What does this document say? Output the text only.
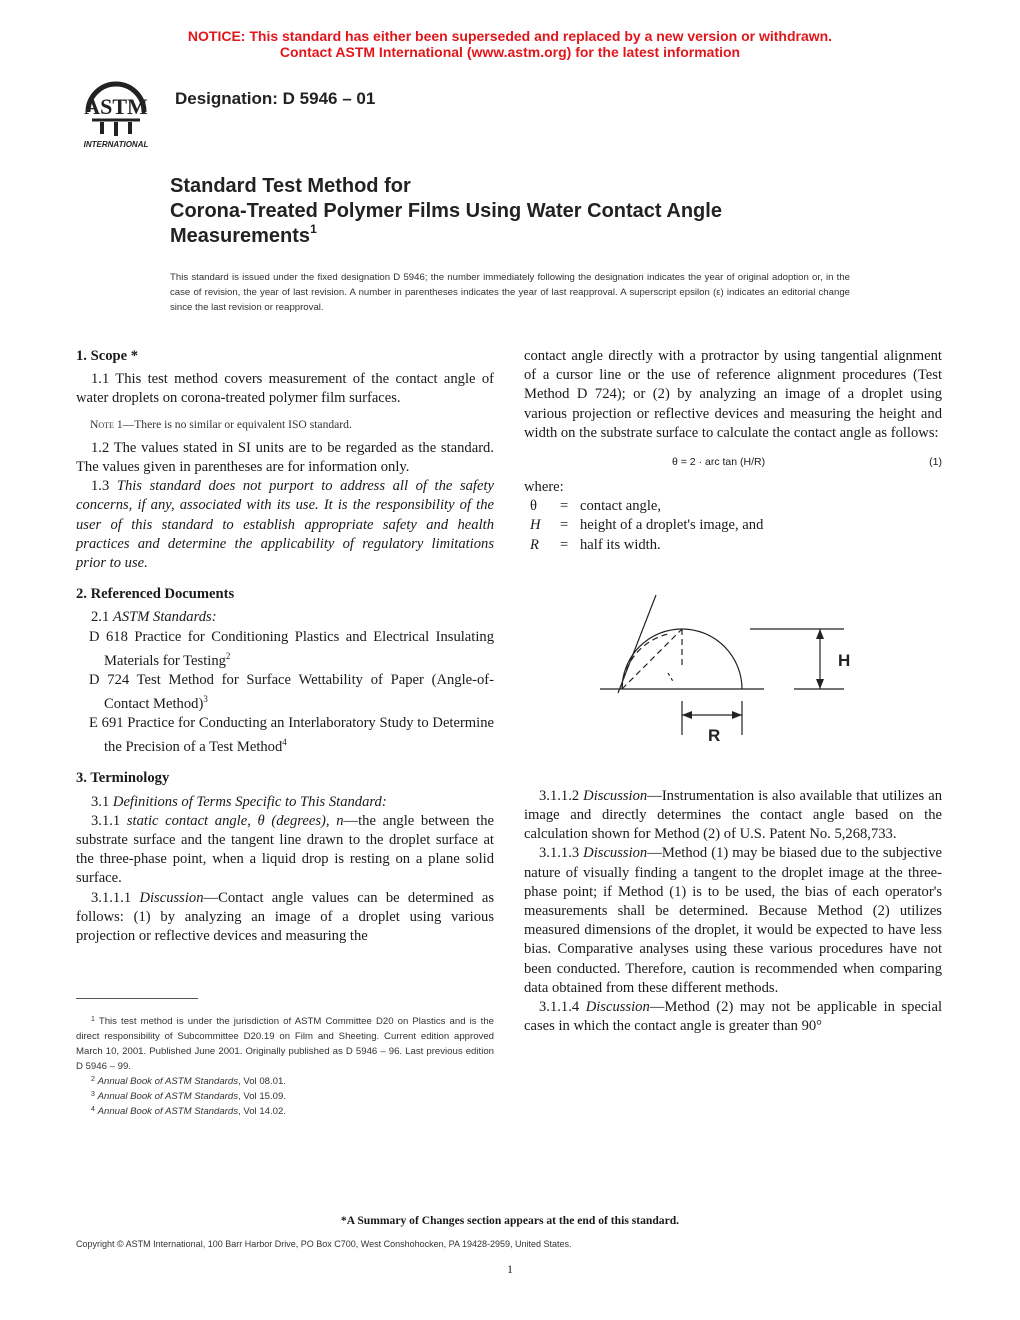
NOTICE: This standard has either been superseded and replaced by a new version or withdrawn.
Contact ASTM International (www.astm.org) for the latest information
ASTM
INTERNATIONAL
Designation: D 5946 – 01
Standard Test Method for
Corona-Treated Polymer Films Using Water Contact Angle
Measurements$^1$
This standard is issued under the fixed designation D 5946; the number immediately following the designation indicates the year of original adoption or, in the case of revision, the year of last revision. A number in parentheses indicates the year of last reapproval. A superscript epsilon (ε) indicates an editorial change since the last revision or reapproval.

1. Scope *

1.1 This test method covers measurement of the contact angle of water droplets on corona-treated polymer film surfaces.

Note 1—There is no similar or equivalent ISO standard.

1.2 The values stated in SI units are to be regarded as the standard. The values given in parentheses are for information only.

1.3 This standard does not purport to address all of the safety concerns, if any, associated with its use. It is the responsibility of the user of this standard to establish appropriate safety and health practices and determine the applicability of regulatory limitations prior to use.

2. Referenced Documents

2.1 ASTM Standards:

D 618 Practice for Conditioning Plastics and Electrical Insulating Materials for Testing$^2$

D 724 Test Method for Surface Wettability of Paper (Angle-of-Contact Method)$^3$

E 691 Practice for Conducting an Interlaboratory Study to Determine the Precision of a Test Method$^4$

3. Terminology

3.1 Definitions of Terms Specific to This Standard:

3.1.1 static contact angle, θ (degrees), n—the angle between the substrate surface and the tangent line drawn to the droplet surface at the three-phase point, when a liquid drop is resting on a plane solid surface.

3.1.1.1 Discussion—Contact angle values can be determined as follows: (1) by analyzing an image of a droplet using various projection or reflective devices and measuring the

contact angle directly with a protractor by using tangential alignment of a cursor line or the use of reference alignment procedures (Test Method D 724); or (2) by analyzing an image of a droplet using various projection or reflective devices and measuring the height and width on the substrate surface to calculate the contact angle as follows:

θ = 2 · arc tan (H/R)	(1)

where:

θ	= contact angle,

H	= height of a droplet's image, and

R	= half its width.

H
R

3.1.1.2 Discussion—Instrumentation is also available that utilizes an image and directly determines the contact angle based on the calculation shown for Method (2) of U.S. Patent No. 5,268,733.

3.1.1.3 Discussion—Method (1) may be biased due to the subjective nature of visually finding a tangent to the droplet image at the three-phase point; if Method (1) is to be used, the bias of each operator's measurements shall be determined. Because Method (2) utilizes measured dimensions of the droplet, it would be expected to have less bias. Comparative analyses using these various procedures have not been conducted. Therefore, caution is recommended when comparing data obtained from these different methods.

3.1.1.4 Discussion—Method (2) may not be applicable in special cases in which the contact angle is greater than 90°

$^1$ This test method is under the jurisdiction of ASTM Committee D20 on Plastics and is the direct responsibility of Subcommittee D20.19 on Film and Sheeting. Current edition approved March 10, 2001. Published June 2001. Originally published as D 5946 – 96. Last previous edition D 5946 – 99.

$^2$ Annual Book of ASTM Standards, Vol 08.01.

$^3$ Annual Book of ASTM Standards, Vol 15.09.

$^4$ Annual Book of ASTM Standards, Vol 14.02.

*A Summary of Changes section appears at the end of this standard.
Copyright © ASTM International, 100 Barr Harbor Drive, PO Box C700, West Conshohocken, PA 19428-2959, United States.
1
